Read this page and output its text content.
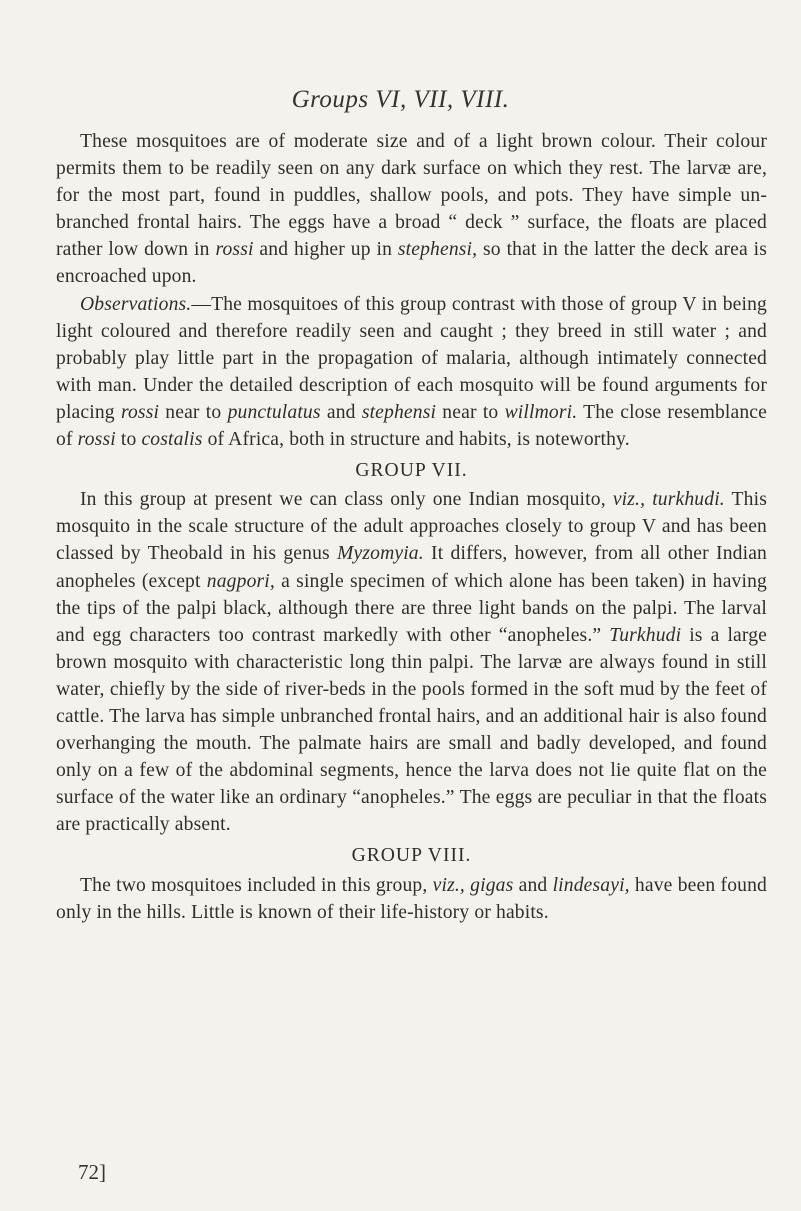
Groups VI, VII, VIII.

These mosquitoes are of moderate size and of a light brown colour. Their colour permits them to be readily seen on any dark surface on which they rest. The larvæ are, for the most part, found in puddles, shallow pools, and pots. They have simple un-branched frontal hairs. The eggs have a broad “ deck ” surface, the floats are placed rather low down in rossi and higher up in stephensi, so that in the latter the deck area is encroached upon.

Observations.—The mosquitoes of this group contrast with those of group V in being light coloured and therefore readily seen and caught ; they breed in still water ; and probably play little part in the propagation of malaria, although intimately connected with man. Under the detailed description of each mosquito will be found arguments for placing rossi near to punctulatus and stephensi near to willmori. The close resemblance of rossi to costalis of Africa, both in structure and habits, is noteworthy.

GROUP VII.

In this group at present we can class only one Indian mosquito, viz., turkhudi. This mosquito in the scale structure of the adult approaches closely to group V and has been classed by Theobald in his genus Myzomyia. It differs, however, from all other Indian anopheles (except nagpori, a single specimen of which alone has been taken) in having the tips of the palpi black, although there are three light bands on the palpi. The larval and egg characters too contrast markedly with other “anopheles.” Turkhudi is a large brown mosquito with characteristic long thin palpi. The larvæ are always found in still water, chiefly by the side of river-beds in the pools formed in the soft mud by the feet of cattle. The larva has simple unbranched frontal hairs, and an additional hair is also found overhanging the mouth. The palmate hairs are small and badly developed, and found only on a few of the abdominal segments, hence the larva does not lie quite flat on the surface of the water like an ordinary “anopheles.” The eggs are peculiar in that the floats are practically absent.

GROUP VIII.

The two mosquitoes included in this group, viz., gigas and lindesayi, have been found only in the hills. Little is known of their life-history or habits.

72]
